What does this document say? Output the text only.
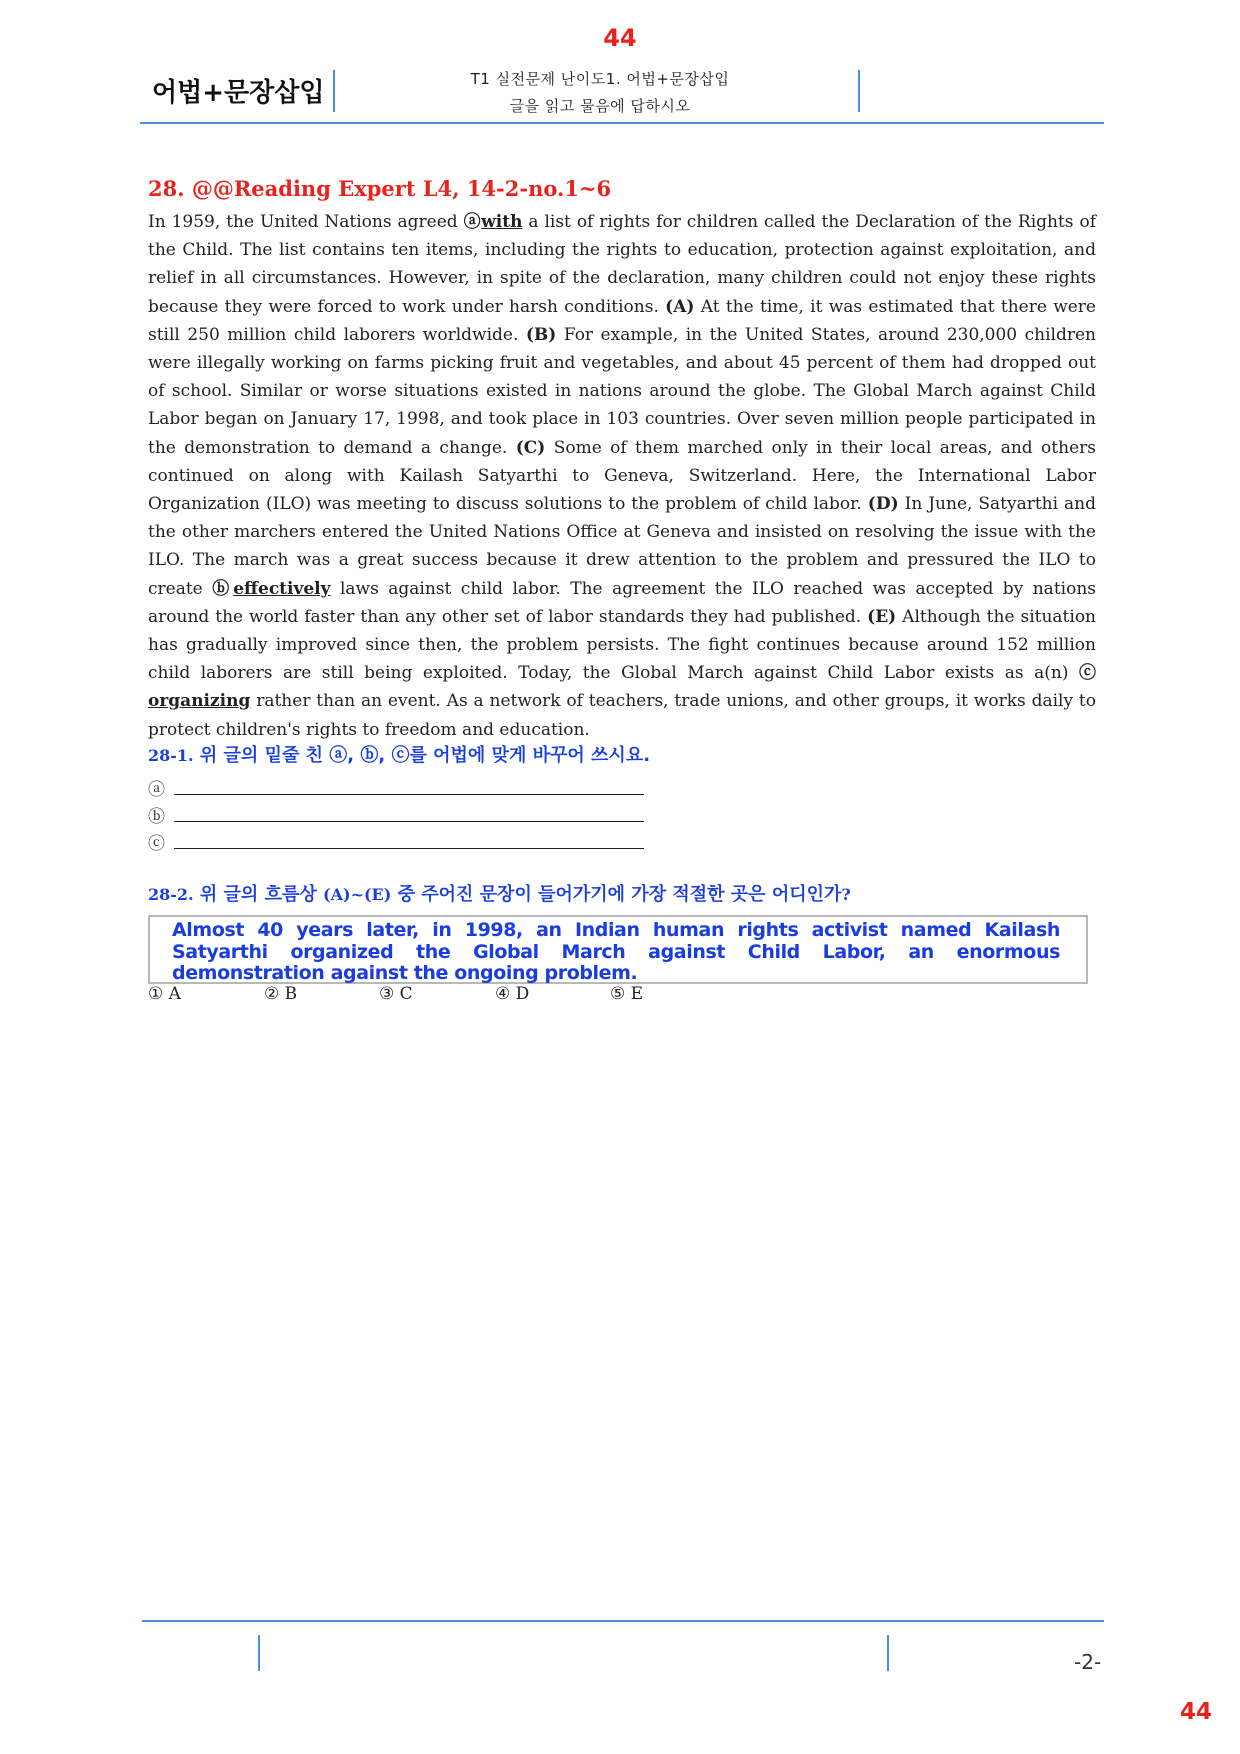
44
어법+문장삽입	T1 실전문제 난이도1. 어법+문장삽입
글을 읽고 물음에 답하시오
28. @@Reading Expert L4, 14-2-no.1~6
In 1959, the United Nations agreed ⓐwith a list of rights for children called the Declaration of the Rights of the Child. The list contains ten items, including the rights to education, protection against exploitation, and relief in all circumstances. However, in spite of the declaration, many children could not enjoy these rights because they were forced to work under harsh conditions. (A) At the time, it was estimated that there were still 250 million child laborers worldwide. (B) For example, in the United States, around 230,000 children were illegally working on farms picking fruit and vegetables, and about 45 percent of them had dropped out of school. Similar or worse situations existed in nations around the globe. The Global March against Child Labor began on January 17, 1998, and took place in 103 countries. Over seven million people participated in the demonstration to demand a change. (C) Some of them marched only in their local areas, and others continued on along with Kailash Satyarthi to Geneva, Switzerland. Here, the International Labor Organization (ILO) was meeting to discuss solutions to the problem of child labor. (D) In June, Satyarthi and the other marchers entered the United Nations Office at Geneva and insisted on resolving the issue with the ILO. The march was a great success because it drew attention to the problem and pressured the ILO to create ⓑeffectively laws against child labor. The agreement the ILO reached was accepted by nations around the world faster than any other set of labor standards they had published. (E) Although the situation has gradually improved since then, the problem persists. The fight continues because around 152 million child laborers are still being exploited. Today, the Global March against Child Labor exists as a(n) ⓒ organizing rather than an event. As a network of teachers, trade unions, and other groups, it works daily to protect children's rights to freedom and education.
28-1. 위 글의 밑줄 친 ⓐ, ⓑ, ⓒ를 어법에 맞게 바꾸어 쓰시요.
ⓐ
ⓑ
ⓒ
28-2. 위 글의 흐름상 (A)~(E) 중 주어진 문장이 들어가기에 가장 적절한 곳은 어디인가?
Almost 40 years later, in 1998, an Indian human rights activist named Kailash Satyarthi organized the Global March against Child Labor, an enormous demonstration against the ongoing problem.
① A	② B	③ C	④ D	⑤ E
-2-
44
